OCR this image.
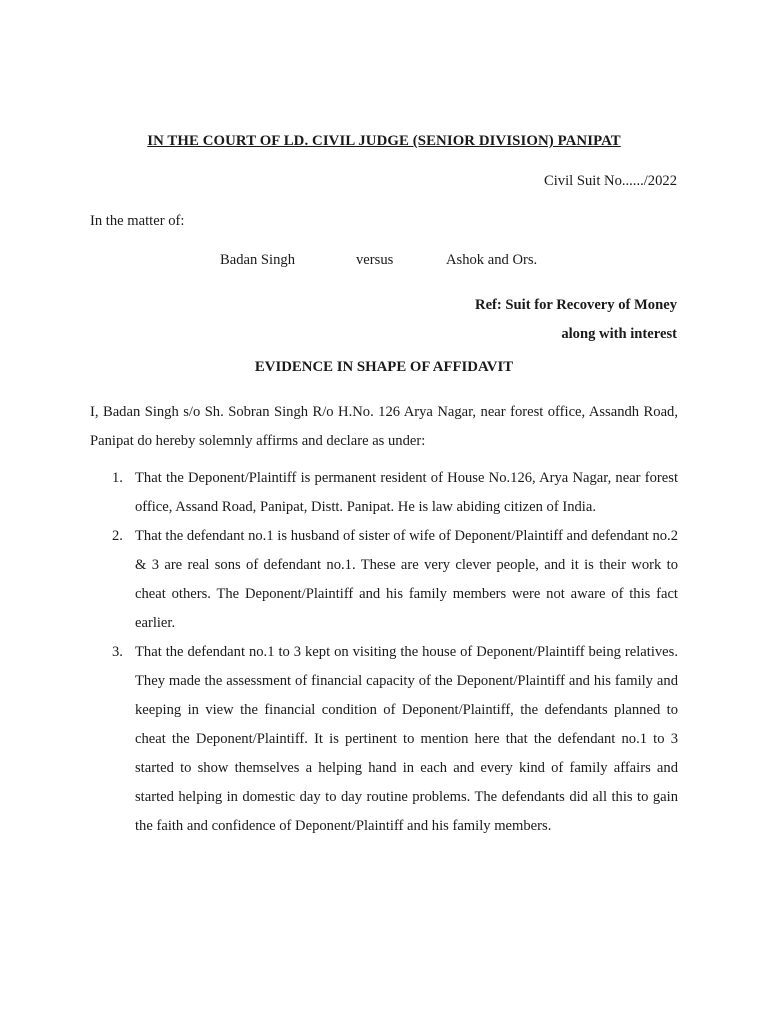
IN THE COURT OF LD. CIVIL JUDGE (SENIOR DIVISION) PANIPAT
Civil Suit No....../2022
In the matter of:
Badan Singh	versus	Ashok and Ors.
Ref: Suit for Recovery of Money
along with interest
EVIDENCE IN SHAPE OF AFFIDAVIT
I, Badan Singh s/o Sh. Sobran Singh R/o H.No. 126 Arya Nagar, near forest office, Assandh Road, Panipat do hereby solemnly affirms and declare as under:
1. That the Deponent/Plaintiff is permanent resident of House No.126, Arya Nagar, near forest office, Assand Road, Panipat, Distt. Panipat. He is law abiding citizen of India.
2. That the defendant no.1 is husband of sister of wife of Deponent/Plaintiff and defendant no.2 & 3 are real sons of defendant no.1. These are very clever people, and it is their work to cheat others. The Deponent/Plaintiff and his family members were not aware of this fact earlier.
3. That the defendant no.1 to 3 kept on visiting the house of Deponent/Plaintiff being relatives. They made the assessment of financial capacity of the Deponent/Plaintiff and his family and keeping in view the financial condition of Deponent/Plaintiff, the defendants planned to cheat the Deponent/Plaintiff. It is pertinent to mention here that the defendant no.1 to 3 started to show themselves a helping hand in each and every kind of family affairs and started helping in domestic day to day routine problems. The defendants did all this to gain the faith and confidence of Deponent/Plaintiff and his family members.
